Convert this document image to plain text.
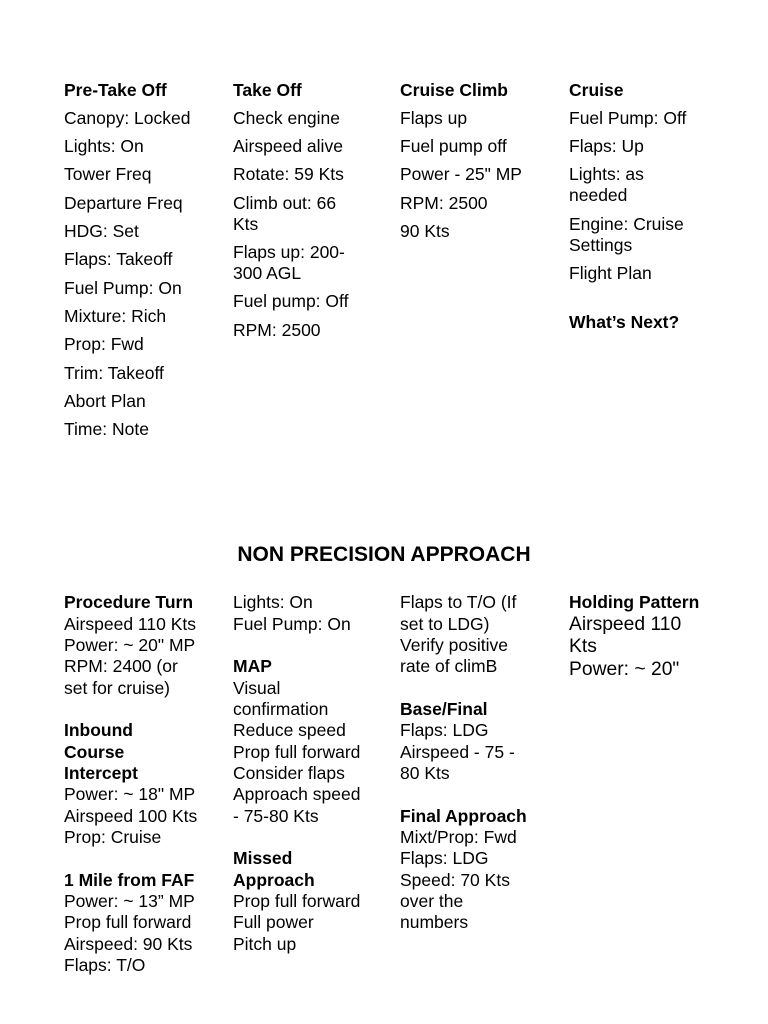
Pre-Take Off
Canopy: Locked
Lights: On
Tower Freq
Departure Freq
HDG: Set
Flaps: Takeoff
Fuel Pump: On
Mixture: Rich
Prop: Fwd
Trim: Takeoff
Abort Plan
Time: Note
Take Off
Check engine
Airspeed alive
Rotate: 59 Kts
Climb out: 66 Kts
Flaps up: 200-300 AGL
Fuel pump: Off
RPM: 2500
Cruise Climb
Flaps up
Fuel pump off
Power - 25" MP
RPM: 2500
90 Kts
Cruise
Fuel Pump: Off
Flaps: Up
Lights: as needed
Engine: Cruise Settings
Flight Plan
What’s Next?
NON PRECISION APPROACH
Procedure Turn
Airspeed 110 Kts
Power: ~ 20" MP
RPM: 2400 (or set for cruise)
Inbound Course Intercept
Power: ~ 18" MP
Airspeed 100 Kts
Prop: Cruise
1 Mile from FAF
Power: ~ 13” MP
Prop full forward
Airspeed: 90 Kts
Flaps: T/O
Lights: On
Fuel Pump: On
MAP
Visual confirmation
Reduce speed
Prop full forward
Consider flaps
Approach speed - 75-80 Kts
Missed Approach
Prop full forward
Full power
Pitch up
Flaps to T/O (If set to LDG)
Verify positive rate of climB
Base/Final
Flaps: LDG
Airspeed - 75 - 80 Kts
Final Approach
Mixt/Prop: Fwd
Flaps: LDG
Speed: 70 Kts over the numbers
Holding Pattern
Airspeed 110 Kts
Power: ~ 20"
